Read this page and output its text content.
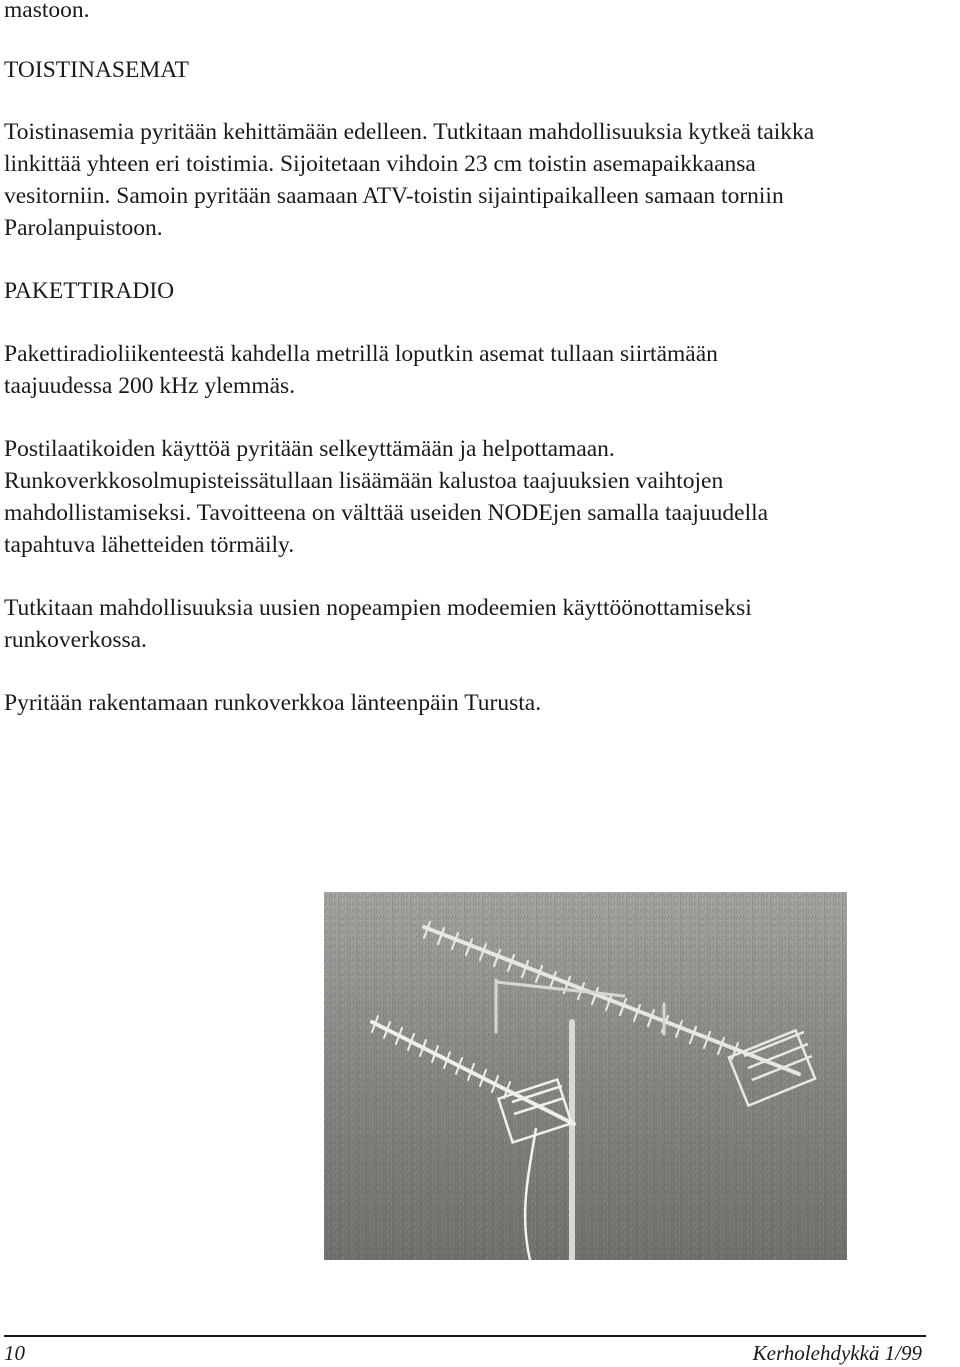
mastoon.

TOISTINASEMAT

Toistinasemia pyritään kehittämään edelleen. Tutkitaan mahdollisuuksia kytkeä taikka

linkittää yhteen eri toistimia. Sijoitetaan vihdoin 23 cm toistin asemapaikkaansa

vesitorniin. Samoin pyritään saamaan ATV-toistin sijaintipaikalleen samaan torniin

Parolanpuistoon.

PAKETTIRADIO

Pakettiradioliikenteestä kahdella metrillä loputkin asemat tullaan siirtämään

taajuudessa 200 kHz ylemmäs.

Postilaatikoiden käyttöä pyritään selkeyttämään ja helpottamaan.

Runkoverkkosolmupisteissätullaan lisäämään kalustoa taajuuksien vaihtojen

mahdollistamiseksi. Tavoitteena on välttää useiden NODEjen samalla taajuudella

tapahtuva lähetteiden törmäily.

Tutkitaan mahdollisuuksia uusien nopeampien modeemien käyttöönottamiseksi

runkoverkossa.

Pyritään rakentamaan runkoverkkoa länteenpäin Turusta.

10	Kerholehdykkä 1/99
